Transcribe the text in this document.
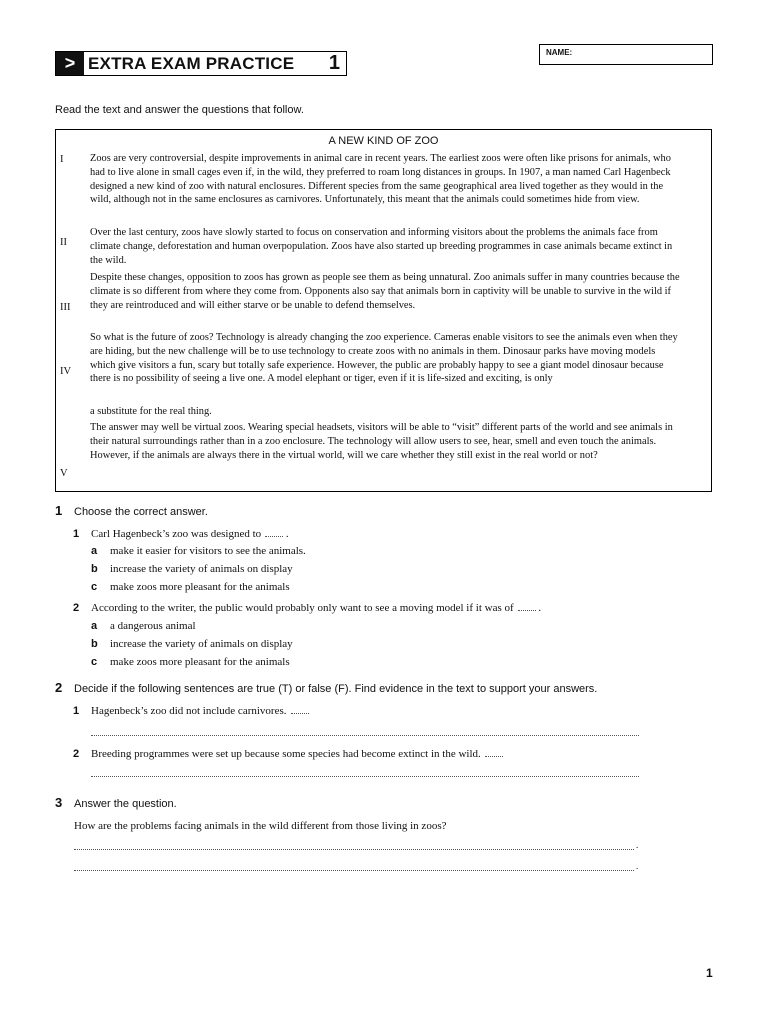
> EXTRA EXAM PRACTICE 1	NAME:
Read the text and answer the questions that follow.
A NEW KIND OF ZOO
I	Zoos are very controversial, despite improvements in animal care in recent years. The earliest zoos were often like prisons for animals, who had to live alone in small cages even if, in the wild, they preferred to roam long distances in groups. In 1907, a man named Carl Hagenbeck designed a new kind of zoo with natural enclosures. Different species from the same geographical area lived together as they would in the wild, although not in the same enclosures as carnivores. Unfortunately, this meant that the animals could sometimes hide from view.
II
Over the last century, zoos have slowly started to focus on conservation and informing visitors about the problems the animals face from climate change, deforestation and human overpopulation. Zoos have also started up breeding programmes in case animals became extinct in the wild.
III
Despite these changes, opposition to zoos has grown as people see them as being unnatural. Zoo animals suffer in many countries because the climate is so different from where they come from. Opponents also say that animals born in captivity will be unable to survive in the wild if they are reintroduced and will either starve or be unable to defend themselves.
IV
So what is the future of zoos? Technology is already changing the zoo experience. Cameras enable visitors to see the animals even when they are hiding, but the new challenge will be to use technology to create zoos with no animals in them. Dinosaur parks have moving models which give visitors a fun, scary but totally safe experience. However, the public are probably happy to see a giant model dinosaur because there is no possibility of seeing a live one. A model elephant or tiger, even if it is life-sized and exciting, is only
a substitute for the real thing.
V
The answer may well be virtual zoos. Wearing special headsets, visitors will be able to “visit” different parts of the world and see animals in their natural surroundings rather than in a zoo enclosure. The technology will allow users to see, hear, smell and even touch the animals. However, if the animals are always there in the virtual world, will we care whether they still exist in the real world or not?
1 Choose the correct answer.
1 Carl Hagenbeck’s zoo was designed to .
a make it easier for visitors to see the animals.
b increase the variety of animals on display
c make zoos more pleasant for the animals
2 According to the writer, the public would probably only want to see a moving model if it was of .
a a dangerous animal
b increase the variety of animals on display
c make zoos more pleasant for the animals
2 Decide if the following sentences are true (T) or false (F). Find evidence in the text to support your answers.
1 Hagenbeck’s zoo did not include carnivores.
2 Breeding programmes were set up because some species had become extinct in the wild.
3 Answer the question.
How are the problems facing animals in the wild different from those living in zoos?
.
.
1
